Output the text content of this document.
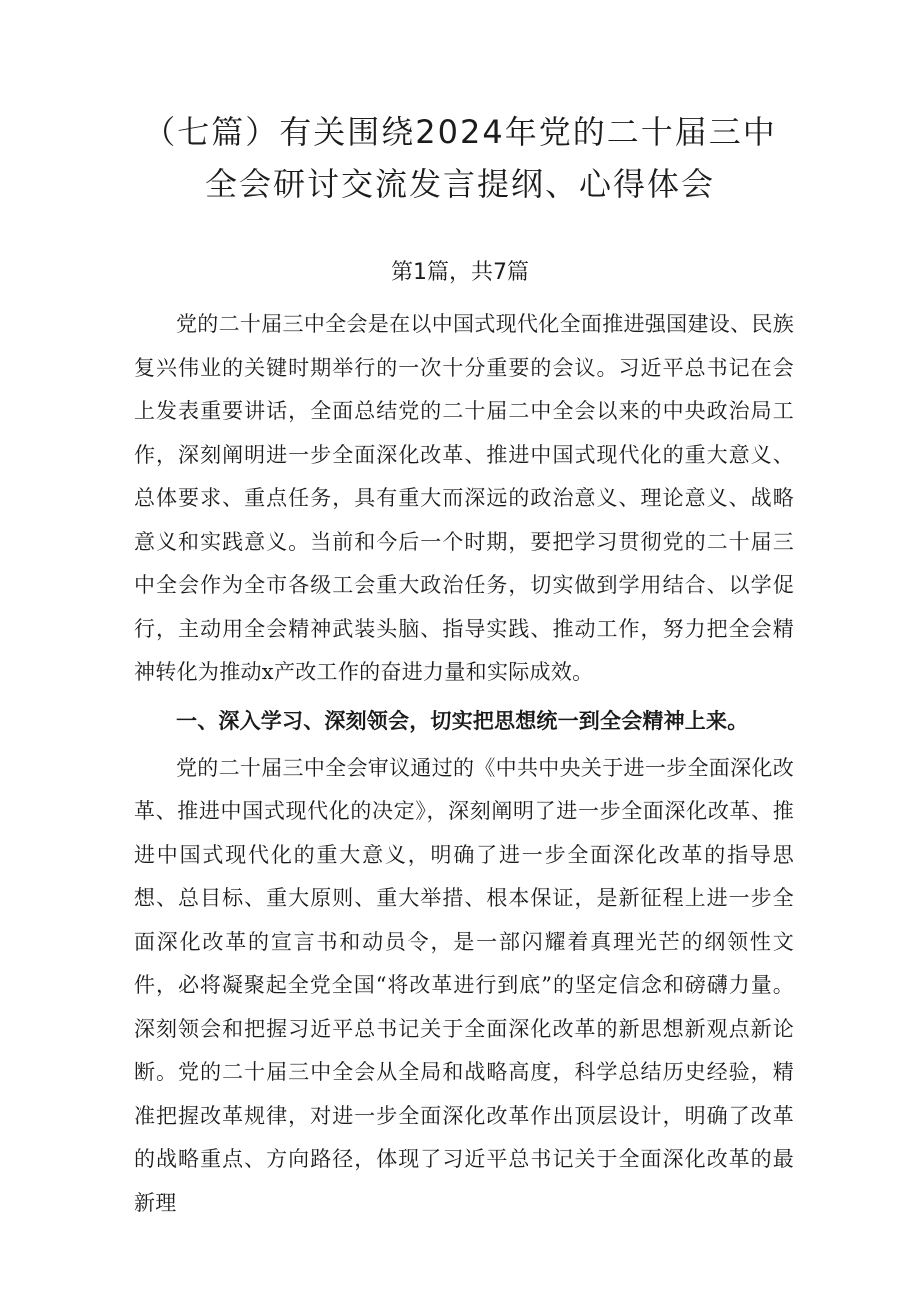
（七篇）有关围绕2024年党的二十届三中
全会研讨交流发言提纲、心得体会
第1篇，共7篇

党的二十届三中全会是在以中国式现代化全面推进强国建设、民族复兴伟业的关键时期举行的一次十分重要的会议。习近平总书记在会上发表重要讲话，全面总结党的二十届二中全会以来的中央政治局工作，深刻阐明进一步全面深化改革、推进中国式现代化的重大意义、总体要求、重点任务，具有重大而深远的政治意义、理论意义、战略意义和实践意义。当前和今后一个时期，要把学习贯彻党的二十届三中全会作为全市各级工会重大政治任务，切实做到学用结合、以学促行，主动用全会精神武装头脑、指导实践、推动工作，努力把全会精神转化为推动x产改工作的奋进力量和实际成效。

一、深入学习、深刻领会，切实把思想统一到全会精神上来。

党的二十届三中全会审议通过的《中共中央关于进一步全面深化改革、推进中国式现代化的决定》，深刻阐明了进一步全面深化改革、推进中国式现代化的重大意义，明确了进一步全面深化改革的指导思想、总目标、重大原则、重大举措、根本保证，是新征程上进一步全面深化改革的宣言书和动员令，是一部闪耀着真理光芒的纲领性文件，必将凝聚起全党全国“将改革进行到底”的坚定信念和磅礴力量。深刻领会和把握习近平总书记关于全面深化改革的新思想新观点新论断。党的二十届三中全会从全局和战略高度，科学总结历史经验，精准把握改革规律，对进一步全面深化改革作出顶层设计，明确了改革的战略重点、方向路径，体现了习近平总书记关于全面深化改革的最新理
